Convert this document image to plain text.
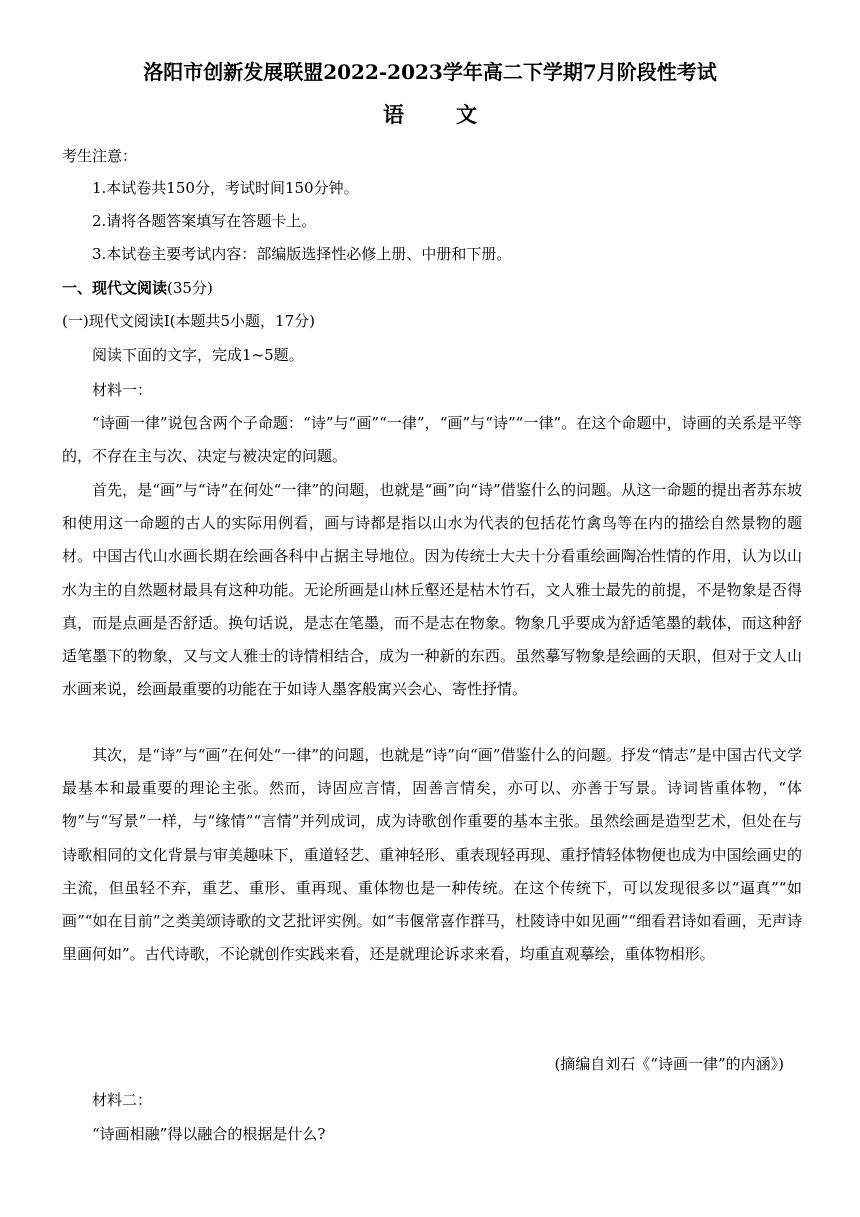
洛阳市创新发展联盟2022-2023学年高二下学期7月阶段性考试
语文
考生注意：
1.本试卷共150分，考试时间150分钟。
2.请将各题答案填写在答题卡上。
3.本试卷主要考试内容：部编版选择性必修上册、中册和下册。
一、现代文阅读(35分)
(一)现代文阅读Ⅰ(本题共5小题，17分)
阅读下面的文字，完成1~5题。
材料一：
“诗画一律”说包含两个子命题：“诗”与“画”“一律”，“画”与“诗”“一律”。在这个命题中，诗画的关系是平等的，不存在主与次、决定与被决定的问题。
首先，是“画”与“诗”在何处“一律”的问题，也就是“画”向“诗”借鉴什么的问题。从这一命题的提出者苏东坡和使用这一命题的古人的实际用例看，画与诗都是指以山水为代表的包括花竹禽鸟等在内的描绘自然景物的题材。中国古代山水画长期在绘画各科中占据主导地位。因为传统士大夫十分看重绘画陶冶性情的作用，认为以山水为主的自然题材最具有这种功能。无论所画是山林丘壑还是枯木竹石，文人雅士最先的前提，不是物象是否得真，而是点画是否舒适。换句话说，是志在笔墨，而不是志在物象。物象几乎要成为舒适笔墨的载体，而这种舒适笔墨下的物象，又与文人雅士的诗情相结合，成为一种新的东西。虽然摹写物象是绘画的天职，但对于文人山水画来说，绘画最重要的功能在于如诗人墨客般寓兴会心、寄性抒情。
其次，是“诗”与“画”在何处“一律”的问题，也就是“诗”向“画”借鉴什么的问题。抒发“情志”是中国古代文学最基本和最重要的理论主张。然而，诗固应言情，固善言情矣，亦可以、亦善于写景。诗词皆重体物，“体物”与“写景”一样，与“缘情”“言情”并列成词，成为诗歌创作重要的基本主张。虽然绘画是造型艺术，但处在与诗歌相同的文化背景与审美趣味下，重道轻艺、重神轻形、重表现轻再现、重抒情轻体物便也成为中国绘画史的主流，但虽轻不弃，重艺、重形、重再现、重体物也是一种传统。在这个传统下，可以发现很多以“逼真”“如画”“如在目前”之类美颂诗歌的文艺批评实例。如“韦偃常喜作群马，杜陵诗中如见画”“细看君诗如看画，无声诗里画何如”。古代诗歌，不论就创作实践来看，还是就理论诉求来看，均重直观摹绘，重体物相形。
(摘编自刘石《“诗画一律”的内涵》)
材料二：
“诗画相融”得以融合的根据是什么?
